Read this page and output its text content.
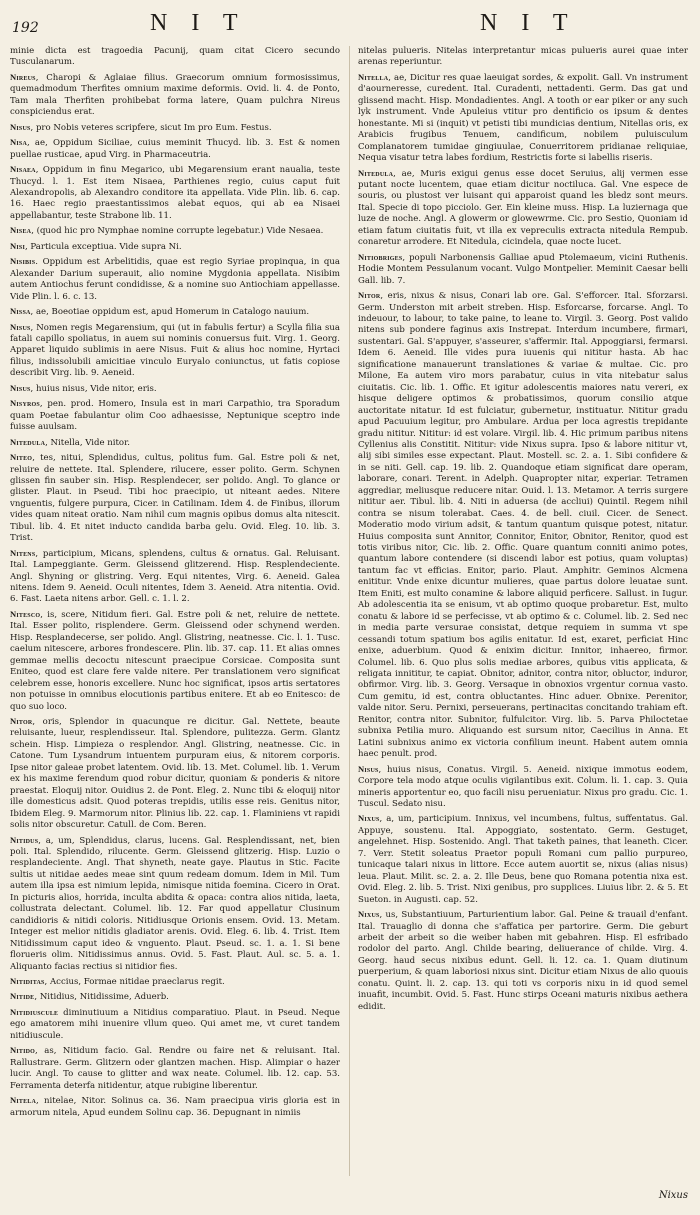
192	N I T	N I T

minie dicta est tragoedia Pacunij, quam citat Cicero secundo Tusculanarum.

Nireus, Charopi & Aglaiae filius. Graecorum omnium formosissimus, quemadmodum Therfites omnium maxime deformis. Ovid. li. 4. de Ponto, Tam mala Therfiten prohibebat forma latere, Quam pulchra Nireus conspiciendus erat.

Nisus, pro Nobis veteres scripfere, sicut Im pro Eum. Festus.

Nisa, ae, Oppidum Siciliae, cuius meminit Thucyd. lib. 3. Est & nomen puellae rusticae, apud Virg. in Pharmaceutria.

Nisaea, Oppidum in finu Megarico, ubi Megarensium erant naualia, teste Thucyd. l. 1. Est item Nisaea, Parthienes regio, cuius caput fuit Alexandropolis, ab Alexandro conditore ita appellata. Vide Plin. lib. 6. cap. 16. Haec regio praestantissimos alebat equos, qui ab ea Nisaei appellabantur, teste Strabone lib. 11.

Nisea, (quod hic pro Nymphae nomine corrupte legebatur.) Vide Nesaea.

Nisi, Particula exceptiua. Vide supra Ni.

Nisibis. Oppidum est Arbelitidis, quae est regio Syriae propinqua, in qua Alexander Darium superauit, alio nomine Mygdonia appellata. Nisibim autem Antiochus ferunt condidisse, & a nomine suo Antiochiam appellasse. Vide Plin. l. 6. c. 13.

Nissa, ae, Boeotiae oppidum est, apud Homerum in Catalogo nauium.

Nisus, Nomen regis Megarensium, qui (ut in fabulis fertur) a Scylla filia sua fatali capillo spoliatus, in auem sui nominis conuersus fuit. Virg. 1. Georg. Apparet liquido sublimis in aere Nisus. Fuit & alius hoc nomine, Hyrtaci filius, indissolubili amicitiae vinculo Euryalo coniunctus, ut fatis copiose describit Virg. lib. 9. Aeneid.

Nisus, huius nisus, Vide nitor, eris.

Nisyros, pen. prod. Homero, Insula est in mari Carpathio, tra Sporadum quam Poetae fabulantur olim Coo adhaesisse, Neptunique sceptro inde fuisse auulsam.

Nitedula, Nitella, Vide nitor.

Niteo, tes, nitui, Splendidus, cultus, politus fum. Gal. Estre poli & net, reluire de nettete. Ital. Splendere, rilucere, esser polito. Germ. Schynen glissen fin sauber sin. Hisp. Resplendecer, ser polido. Angl. To glance or glister. Plaut. in Pseud. Tibi hoc praecipio, ut niteant aedes. Nitere vnguentis, fulgere purpura, Cicer. in Catilinam. Idem 4. de Finibus, illorum vides quam niteat oratio. Nam nihil cum magnis opibus domus alta nitescit. Tibul. lib. 4. Et nitet inducto candida barba gelu. Ovid. Eleg. 10. lib. 3. Trist.

Nitens, participium, Micans, splendens, cultus & ornatus. Gal. Reluisant. Ital. Lampeggiante. Germ. Gleissend glitzerend. Hisp. Resplendeciente. Angl. Shyning or glistring. Verg. Equi nitentes, Virg. 6. Aeneid. Galea nitens. Idem 9. Aeneid. Oculi nitentes, Idem 3. Aeneid. Atra nitentia. Ovid. 6. Fast. Laeta nitens arbor. Gell. c. 1. l. 2.

Nitesco, is, scere, Nitidum fieri. Gal. Estre poli & net, reluire de nettete. Ital. Esser polito, risplendere. Germ. Gleissend oder schynend werden. Hisp. Resplandecerse, ser polido. Angl. Glistring, neatnesse. Cic. l. 1. Tusc. caelum nitescere, arbores frondescere. Plin. lib. 37. cap. 11. Et alias omnes gemmae mellis decoctu nitescunt praecipue Corsicae. Composita sunt Eniteo, quod est clare fere valde nitere. Per translationem vero significat celebrem esse, honoris excellere. Nunc hoc significat, ipsos artis sertatores non potuisse in omnibus elocutionis partibus enitere. Et ab eo Enitesco: de quo suo loco.

Nitor, oris, Splendor in quacunque re dicitur. Gal. Nettete, beaute reluisante, lueur, resplendisseur. Ital. Splendore, pulitezza. Germ. Glantz schein. Hisp. Limpieza o resplendor. Angl. Glistring, neatnesse. Cic. in Catone. Tum Lysandrum intuentem purpuram eius, & nitorem corporis. Ipse nitor galeae probet latentem. Ovid. lib. 13. Met. Columel. lib. 1. Verum ex his maxime ferendum quod robur dicitur, quoniam & ponderis & nitore praestat. Eloquij nitor. Ouidius 2. de Pont. Eleg. 2. Nunc tibi & eloquij nitor ille domesticus adsit. Quod poteras trepidis, utilis esse reis. Genitus nitor, Ibidem Eleg. 9. Marmorum nitor. Plinius lib. 22. cap. 1. Flaminiens vt rapidi solis nitor obscuretur. Catull. de Com. Beren.

Nitidus, a, um, Splendidus, clarus, lucens. Gal. Resplendissant, net, bien poli. Ital. Splendido, rilucente. Germ. Gleissend glitzerig. Hisp. Luzio o resplandeciente. Angl. That shyneth, neate gaye. Plautus in Stic. Facite sultis ut nitidae aedes meae sint quum redeam domum. Idem in Mil. Tum autem illa ipsa est nimium lepida, nimisque nitida foemina. Cicero in Orat. In picturis alios, horrida, inculta abdita & opaca: contra alios nitida, laeta, collustrata delectant. Columel. lib. 12. Far quod appellatur Clusinum candidioris & nitidi coloris. Nitidiusque Orionis ensem. Ovid. 13. Metam. Integer est melior nitidis gladiator arenis. Ovid. Eleg. 6. lib. 4. Trist. Item Nitidissimum caput ideo & vnguento. Plaut. Pseud. sc. 1. a. 1. Si bene florueris olim. Nitidissimus annus. Ovid. 5. Fast. Plaut. Aul. sc. 5. a. 1. Aliquanto facias rectius si nitidior fies.

Nitiditas, Accius, Formae nitidae praeclarus regit.

Nitide, Nitidius, Nitidissime, Aduerb.

Nitidiuscule diminutiuum a Nitidius comparatiuo. Plaut. in Pseud. Neque ego amatorem mihi inuenire vllum queo. Qui amet me, vt curet tandem nitidiuscule.

Nitido, as, Nitidum facio. Gal. Rendre ou faire net & reluisant. Ital. Rallustrare. Germ. Glitzern oder glantzen machen. Hisp. Alimpiar o hazer lucir. Angl. To cause to glitter and wax neate. Columel. lib. 12. cap. 53. Ferramenta deterfa nitidentur, atque rubigine liberentur.

Nitela, nitelae, Nitor. Solinus ca. 36. Nam praecipua viris gloria est in armorum nitela, Apud eundem Solinu cap. 36. Depugnant in nimiis

nitelas pulueris. Nitelas interpretantur micas pulueris aurei quae inter arenas reperiuntur.

Nitella, ae, Dicitur res quae laeuigat sordes, & expolit. Gall. Vn instrument d'aourneresse, curedent. Ital. Curadenti, nettadenti. Germ. Das gat und glissend macht. Hisp. Mondadientes. Angl. A tooth or ear piker or any such lyk instrument. Vnde Apuleius vtitur pro dentificio os ipsum & dentes honestante. Mi si (inquit) vt petisti tibi mundicias dentium, Nitellas oris, ex Arabicis frugibus Tenuem, candificum, nobilem puluisculum Complanatorem tumidae gingiuulae, Conuerritorem pridianae reliquiae, Nequa visatur tetra labes fordium, Restrictis forte si labellis riseris.

Nitedula, ae, Muris exigui genus esse docet Seruius, alij vermen esse putant nocte lucentem, quae etiam dicitur noctiluca. Gal. Vne espece de souris, ou plustost ver luisant qui apparoist quand les bledz sont meurs. Ital. Specie di topo picciolo. Ger. Ein kleine muss. Hisp. La luziernaga que luze de noche. Angl. A glowerm or glowewrme. Cic. pro Sestio, Quoniam id etiam fatum ciuitatis fuit, vt illa ex vepreculis extracta nitedula Rempub. conaretur arrodere. Et Nitedula, cicindela, quae nocte lucet.

Nitiobriges, populi Narbonensis Galliae apud Ptolemaeum, vicini Ruthenis. Hodie Montem Pessulanum vocant. Vulgo Montpelier. Meminit Caesar belli Gall. lib. 7.

Nitor, eris, nixus & nisus, Conari lab ore. Gal. S'efforcer. Ital. Sforzarsi. Germ. Underston mit arbeit streben. Hisp. Esforcarse, forcarse. Angl. To indeuour, to labour, to take paine, to leane to. Virgil. 3. Georg. Post valido nitens sub pondere faginus axis Instrepat. Interdum incumbere, firmari, sustentari. Gal. S'appuyer, s'asseurer, s'affermir. Ital. Appoggiarsi, fermarsi. Idem 6. Aeneid. Ille vides pura iuuenis qui nititur hasta. Ab hac significatione manauerunt translationes & variae & multae. Cic. pro Milone, Ea autem viro mors parabatur, cuius in vita nitebatur salus ciuitatis. Cic. lib. 1. Offic. Et igitur adolescentis maiores natu vereri, ex hisque deligere optimos & probatissimos, quorum consilio atque auctoritate nitatur. Id est fulciatur, gubernetur, instituatur. Nititur gradu apud Pacuuium legitur, pro Ambulare. Ardua per loca agrestis trepidante gradu nititur. Nititur: id est volare. Virgil. lib. 4. Hic primum paribus nitens Cyllenius alis Constitit. Nititur: vide Nixus supra. Ipso & labore nititur vt, alij sibi similes esse expectant. Plaut. Mostell. sc. 2. a. 1. Sibi confidere & in se niti. Gell. cap. 19. lib. 2. Quandoque etiam significat dare operam, laborare, conari. Terent. in Adelph. Quapropter nitar, experiar. Tetramen aggrediar, meliusque reducere nitar. Ouid. l. 13. Metamor. A terris surgere nititur aer. Tibul. lib. 4. Niti in aduersa (de accliui) Quintil. Regem nihil contra se nisum tolerabat. Caes. 4. de bell. ciuil. Cicer. de Senect. Moderatio modo virium adsit, & tantum quantum quisque potest, nitatur. Huius composita sunt Annitor, Connitor, Enitor, Obnitor, Renitor, quod est totis viribus nitor, Cic. lib. 2. Offic. Quare quantum conniti animo potes, quantum labore contendere (si discendi labor est potius, quam voluptas) tantum fac vt efficias. Enitor, pario. Plaut. Amphitr. Geminos Alcmena enititur. Vnde enixe dicuntur mulieres, quae partus dolore leuatae sunt. Item Eniti, est multo conamine & labore aliquid perficere. Sallust. in Iugur. Ab adolescentia ita se enisum, vt ab optimo quoque probaretur. Est, multo conatu & labore id se perfecisse, vt ab optimo & c. Columel. lib. 2. Sed nec in media parte versurae consistat, detque requiem in summa vt spe cessandi totum spatium bos agilis enitatur. Id est, exaret, perficiat Hinc enixe, aduerbium. Quod & enixim dicitur. Innitor, inhaereo, firmor. Columel. lib. 6. Quo plus solis mediae arbores, quibus vitis applicata, & religata innititur, te capiat. Obnitor, adnitor, contra nitor, obluctor, induror, obfirmor. Virg. lib. 3. Georg. Versaque in obnoxios vrgentur cornua vasto. Cum gemitu, id est, contra obluctantes. Hinc aduer. Obnixe. Perenitor, valde nitor. Seru. Pernixi, perseuerans, pertinacitas concitando trahiam eft. Renitor, contra nitor. Subnitor, fulfulcitor. Virg. lib. 5. Parva Philoctetae subnixa Petilia muro. Aliquando est sursum nitor, Caecilius in Anna. Et Latini subnixus animo ex victoria confilium ineunt. Habent autem omnia haec penult. prod.

Nisus, huius nisus, Conatus. Virgil. 5. Aeneid. nixique immotus eodem, Corpore tela modo atque oculis vigilantibus exit. Colum. li. 1. cap. 3. Quia mineris apportentur eo, quo facili nisu perueniatur. Nixus pro gradu. Cic. 1. Tuscul. Sedato nisu.

Nixus, a, um, participium. Innixus, vel incumbens, fultus, suffentatus. Gal. Appuye, soustenu. Ital. Appoggiato, sostentato. Germ. Gestuget, angelehnet. Hisp. Sostenido. Angl. That taketh paines, that leaneth. Cicer. 7. Verr. Stetit soleatus Praetor populi Romani cum pallio purpureo, tunicaque talari nixus in littore. Ecce autem auortit se, nixus (alias nisus) leua. Plaut. Milit. sc. 2. a. 2. Ille Deus, bene quo Romana potentia nixa est. Ovid. Eleg. 2. lib. 5. Trist. Nixi genibus, pro supplices. Liuius libr. 2. & 5. Et Sueton. in Augusti. cap. 52.

Nixus, us, Substantiuum, Parturientium labor. Gal. Peine & trauail d'enfant. Ital. Trauaglio di donna che s'affatica per partorire. Germ. Die geburt arbeit der arbeit so die weiber haben mit gebahren. Hisp. El esfribado rodolor del parto. Angl. Childe bearing, deliuerance of childe. Virg. 4. Georg. haud secus nixibus edunt. Gell. li. 12. ca. 1. Quam diutinum puerperium, & quam laboriosi nixus sint. Dicitur etiam Nixus de alio quouis conatu. Quint. li. 2. cap. 13. qui toti vs corporis nixu in id quod semel inuafit, incumbit. Ovid. 5. Fast. Hunc stirps Oceani maturis nixibus aethera edidit.

Nixus
